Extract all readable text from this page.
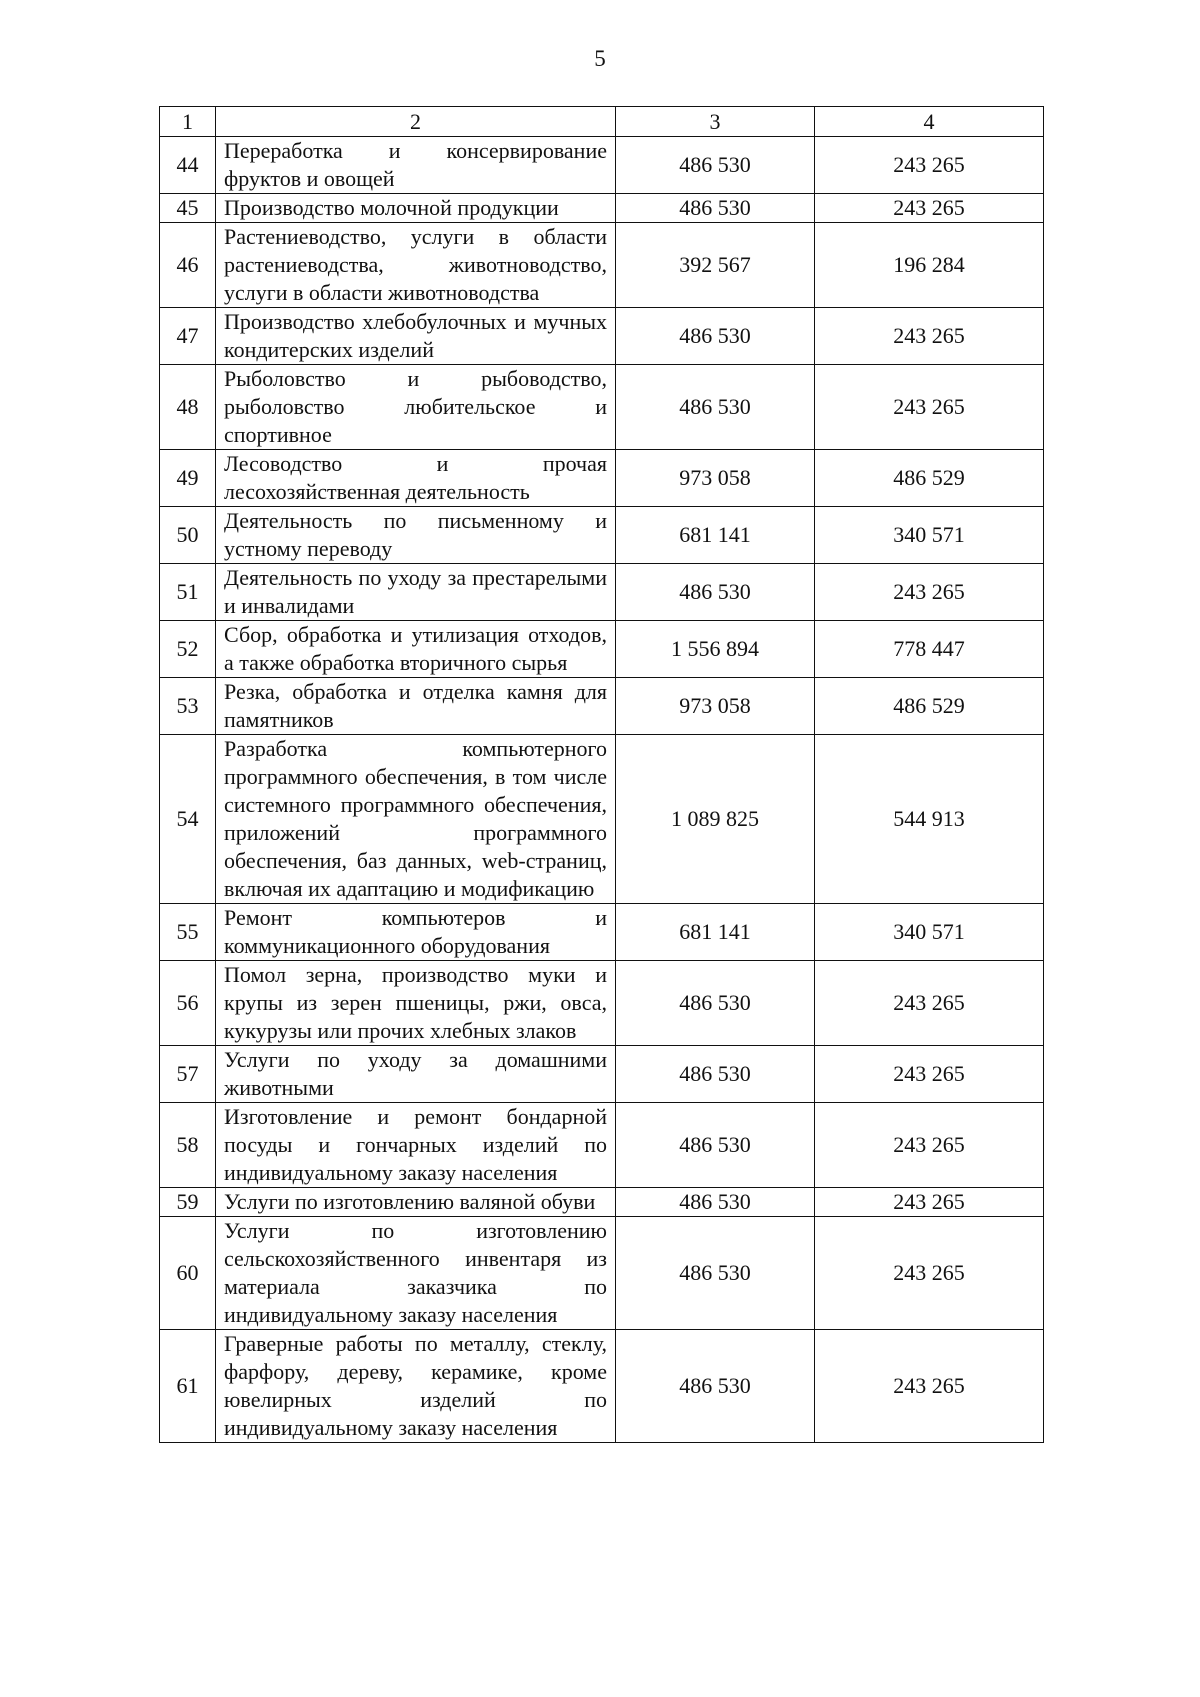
5
1	2	3	4
44	Переработка и консервирование фруктов и овощей	486 530	243 265
45	Производство молочной продукции	486 530	243 265
46	Растениеводство, услуги в области растениеводства, животноводство, услуги в области животноводства	392 567	196 284
47	Производство хлебобулочных и мучных кондитерских изделий	486 530	243 265
48	Рыболовство и рыбоводство, рыболовство любительское и спортивное	486 530	243 265
49	Лесоводство и прочая лесохозяйственная деятельность	973 058	486 529
50	Деятельность по письменному и устному переводу	681 141	340 571
51	Деятельность по уходу за престарелыми и инвалидами	486 530	243 265
52	Сбор, обработка и утилизация отходов, а также обработка вторичного сырья	1 556 894	778 447
53	Резка, обработка и отделка камня для памятников	973 058	486 529
54	Разработка компьютерного программного обеспечения, в том числе системного программного обеспечения, приложений программного обеспечения, баз данных, web-страниц, включая их адаптацию и модификацию	1 089 825	544 913
55	Ремонт компьютеров и коммуникационного оборудования	681 141	340 571
56	Помол зерна, производство муки и крупы из зерен пшеницы, ржи, овса, кукурузы или прочих хлебных злаков	486 530	243 265
57	Услуги по уходу за домашними животными	486 530	243 265
58	Изготовление и ремонт бондарной посуды и гончарных изделий по индивидуальному заказу населения	486 530	243 265
59	Услуги по изготовлению валяной обуви	486 530	243 265
60	Услуги по изготовлению сельскохозяйственного инвентаря из материала заказчика по индивидуальному заказу населения	486 530	243 265
61	Граверные работы по металлу, стеклу, фарфору, дереву, керамике, кроме ювелирных изделий по индивидуальному заказу населения	486 530	243 265
